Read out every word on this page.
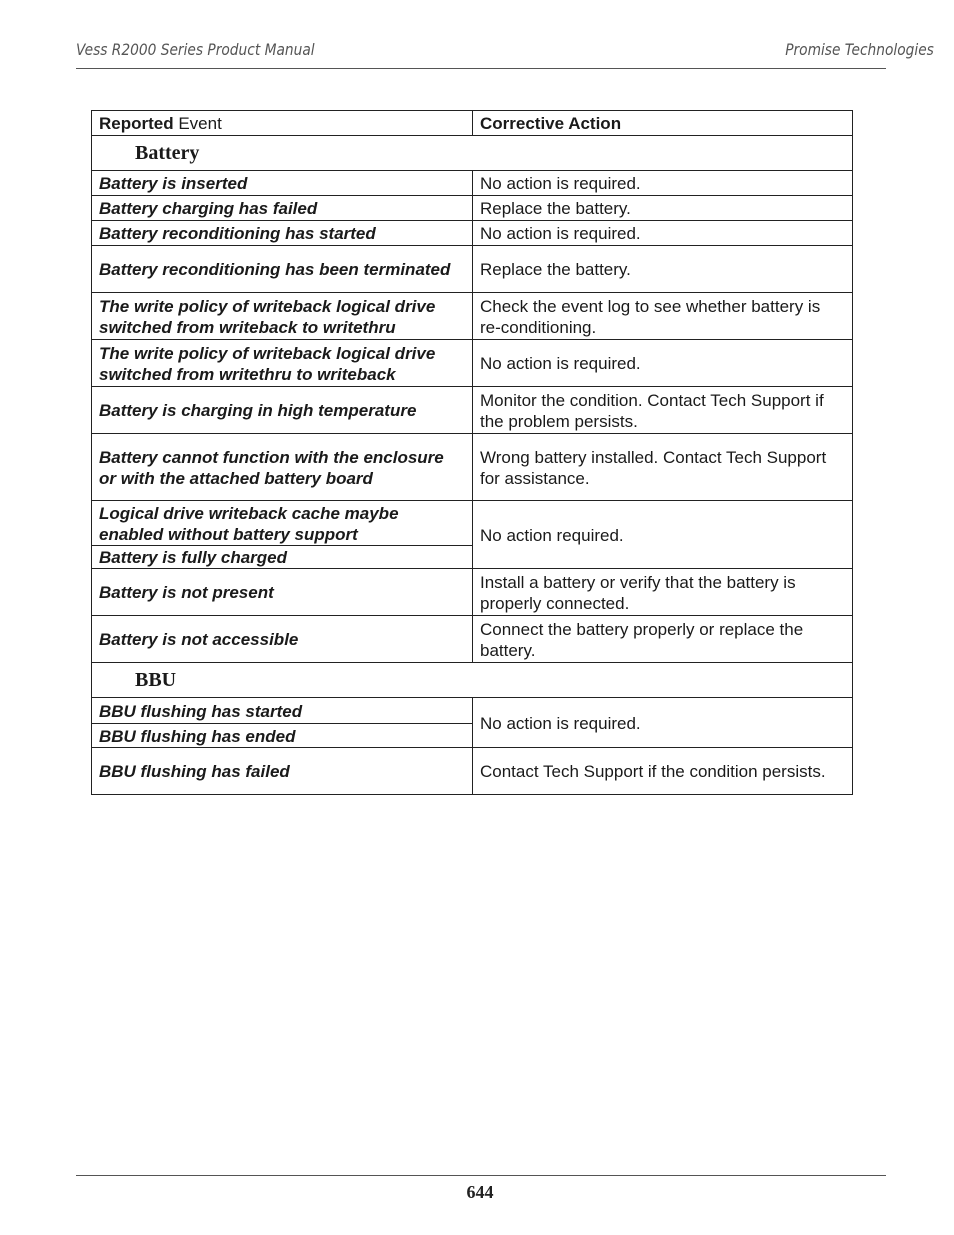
Vess R2000 Series Product Manual	Promise Technologies
Reported Event	Corrective Action
Battery	
Battery is inserted	No action is required.
Battery charging has failed	Replace the battery.
Battery reconditioning has started	No action is required.
Battery reconditioning has been terminated	Replace the battery.
The write policy of writeback logical drive switched from writeback to writethru	Check the event log to see whether battery is re-conditioning.
The write policy of writeback logical drive switched from writethru to writeback	No action is required.
Battery is charging in high temperature	Monitor the condition. Contact Tech Support if the problem persists.
Battery cannot function with the enclosure or with the attached battery board	Wrong battery installed. Contact Tech Support for assistance.
Logical drive writeback cache maybe enabled without battery support	No action required.
Battery is fully charged	
Battery is not present	Install a battery or verify that the battery is properly connected.
Battery is not accessible	Connect the battery properly or replace the battery.
BBU	
BBU flushing has started	No action is required.
BBU flushing has ended	
BBU flushing has failed	Contact Tech Support if the condition persists.
644
